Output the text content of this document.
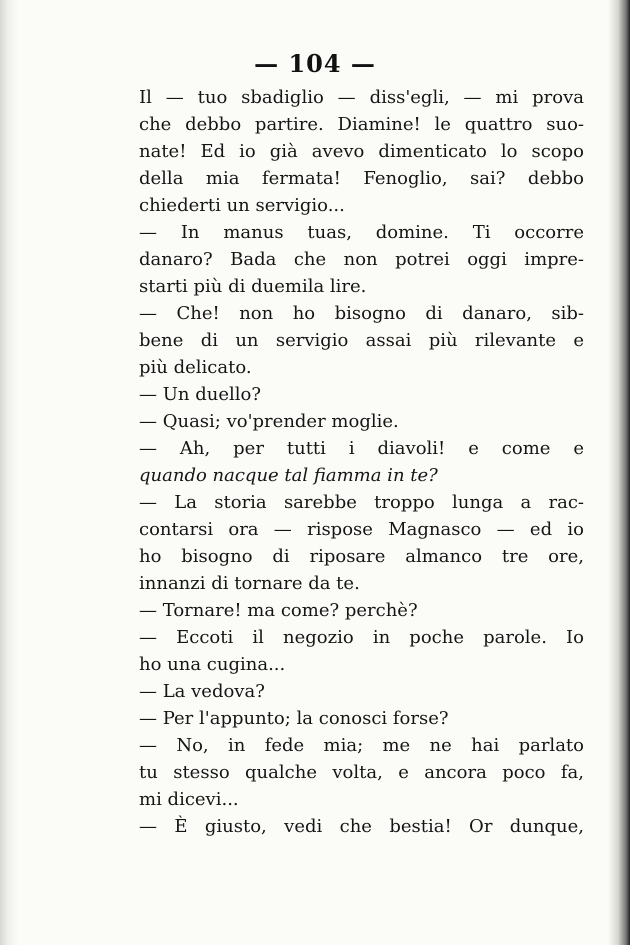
— 104 —
Il — tuo sbadiglio — diss'egli, — mi prova
che debbo partire. Diamine! le quattro suo-
nate! Ed io già avevo dimenticato lo scopo
della mia fermata! Fenoglio, sai? debbo
chiederti un servigio...
— In manus tuas, domine. Ti occorre
danaro? Bada che non potrei oggi impre-
starti più di duemila lire.
— Che! non ho bisogno di danaro, sib-
bene di un servigio assai più rilevante e
più delicato.
— Un duello?
— Quasi; vo'prender moglie.
— Ah, per tutti i diavoli! e come e
quando nacque tal fiamma in te?
— La storia sarebbe troppo lunga a rac-
contarsi ora — rispose Magnasco — ed io
ho bisogno di riposare almanco tre ore,
innanzi di tornare da te.
— Tornare! ma come? perchè?
— Eccoti il negozio in poche parole. Io
ho una cugina...
— La vedova?
— Per l'appunto; la conosci forse?
— No, in fede mia; me ne hai parlato
tu stesso qualche volta, e ancora poco fa,
mi dicevi...
— È giusto, vedi che bestia! Or dunque,
